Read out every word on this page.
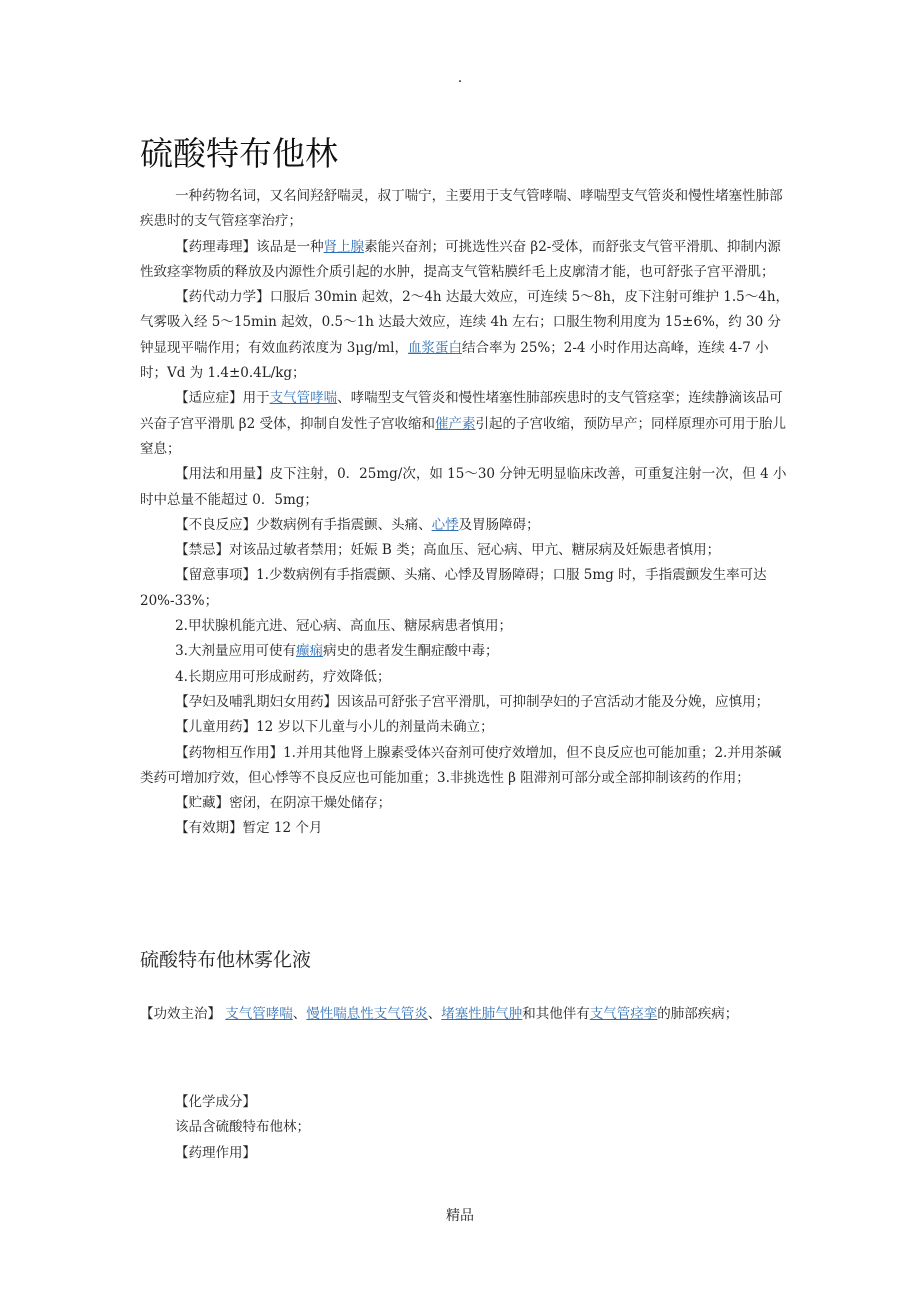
.
硫酸特布他林

一种药物名词，又名间羟舒喘灵，叔丁喘宁，主要用于支气管哮喘、哮喘型支气管炎和慢性堵塞性肺部疾患时的支气管痉挛治疗；

【药理毒理】该品是一种肾上腺素能兴奋剂；可挑选性兴奋 β2-受体，而舒张支气管平滑肌、抑制内源性致痉挛物质的释放及内源性介质引起的水肿，提高支气管粘膜纤毛上皮廓清才能，也可舒张子宫平滑肌；

【药代动力学】口服后 30min 起效，2～4h 达最大效应，可连续 5～8h，皮下注射可维护 1.5～4h，气雾吸入经 5～15min 起效，0.5～1h 达最大效应，连续 4h 左右；口服生物利用度为 15±6%，约 30 分钟显现平喘作用；有效血药浓度为 3μg/ml，血浆蛋白结合率为 25%；2-4 小时作用达高峰，连续 4-7 小时；Vd 为 1.4±0.4L/kg；

【适应症】用于支气管哮喘、哮喘型支气管炎和慢性堵塞性肺部疾患时的支气管痉挛；连续静滴该品可兴奋子宫平滑肌 β2 受体，抑制自发性子宫收缩和催产素引起的子宫收缩，预防早产；同样原理亦可用于胎儿窒息；

【用法和用量】皮下注射，0．25mg/次，如 15～30 分钟无明显临床改善，可重复注射一次，但 4 小时中总量不能超过 0．5mg；

【不良反应】少数病例有手指震颤、头痛、心悸及胃肠障碍；

【禁忌】对该品过敏者禁用；妊娠 B 类；高血压、冠心病、甲亢、糖尿病及妊娠患者慎用；

【留意事项】1.少数病例有手指震颤、头痛、心悸及胃肠障碍；口服 5mg 时，手指震颤发生率可达 20%-33%；

2.甲状腺机能亢进、冠心病、高血压、糖尿病患者慎用；

3.大剂量应用可使有癫痫病史的患者发生酮症酸中毒；

4.长期应用可形成耐药，疗效降低；

【孕妇及哺乳期妇女用药】因该品可舒张子宫平滑肌，可抑制孕妇的子宫活动才能及分娩，应慎用；

【儿童用药】12 岁以下儿童与小儿的剂量尚未确立；

【药物相互作用】1.并用其他肾上腺素受体兴奋剂可使疗效增加，但不良反应也可能加重；2.并用茶碱类药可增加疗效，但心悸等不良反应也可能加重；3.非挑选性 β 阻滞剂可部分或全部抑制该药的作用；

【贮藏】密闭，在阴凉干燥处储存；

【有效期】暂定 12 个月

硫酸特布他林雾化液
【功效主治】 支气管哮喘、慢性喘息性支气管炎、堵塞性肺气肿和其他伴有支气管痉挛的肺部疾病；
【化学成分】
该品含硫酸特布他林；
【药理作用】
精品
